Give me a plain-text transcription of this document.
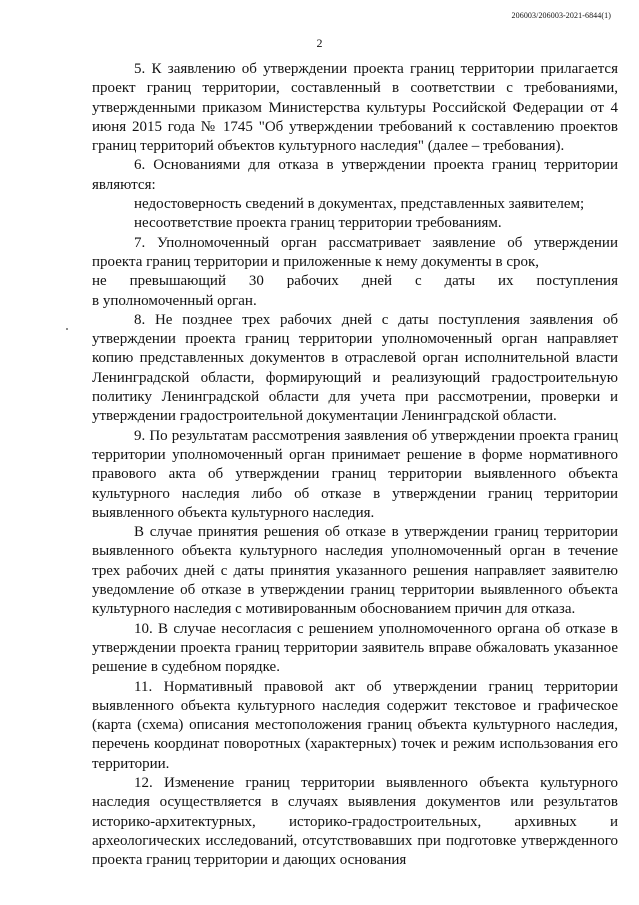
206003/206003-2021-6844(1)
2

5. К заявлению об утверждении проекта границ территории прилагается проект границ территории, составленный в соответствии с требованиями, утвержденными приказом Министерства культуры Российской Федерации от 4 июня 2015 года № 1745 "Об утверждении требований к составлению проектов границ территорий объектов культурного наследия" (далее – требования).

6. Основаниями для отказа в утверждении проекта границ территории являются:

недостоверность сведений в документах, представленных заявителем;

несоответствие проекта границ территории требованиям.

7. Уполномоченный орган рассматривает заявление об утверждении проекта границ территории и приложенные к нему документы в срок,

не превышающий 30 рабочих дней с даты их поступления

в уполномоченный орган.

8. Не позднее трех рабочих дней с даты поступления заявления об утверждении проекта границ территории уполномоченный орган направляет копию представленных документов в отраслевой орган исполнительной власти Ленинградской области, формирующий и реализующий градостроительную политику Ленинградской области для учета при рассмотрении, проверки и утверждении градостроительной документации Ленинградской области.

9. По результатам рассмотрения заявления об утверждении проекта границ территории уполномоченный орган принимает решение в форме нормативного правового акта об утверждении границ территории выявленного объекта культурного наследия либо об отказе в утверждении границ территории выявленного объекта культурного наследия.

В случае принятия решения об отказе в утверждении границ территории выявленного объекта культурного наследия уполномоченный орган в течение трех рабочих дней с даты принятия указанного решения направляет заявителю уведомление об отказе в утверждении границ территории выявленного объекта культурного наследия с мотивированным обоснованием причин для отказа.

10. В случае несогласия с решением уполномоченного органа об отказе в утверждении проекта границ территории заявитель вправе обжаловать указанное решение в судебном порядке.

11. Нормативный правовой акт об утверждении границ территории выявленного объекта культурного наследия содержит текстовое и графическое (карта (схема) описания местоположения границ объекта культурного наследия, перечень координат поворотных (характерных) точек и режим использования его территории.

12. Изменение границ территории выявленного объекта культурного наследия осуществляется в случаях выявления документов или результатов историко-архитектурных, историко-градостроительных, архивных и археологических исследований, отсутствовавших при подготовке утвержденного проекта границ территории и дающих основания
